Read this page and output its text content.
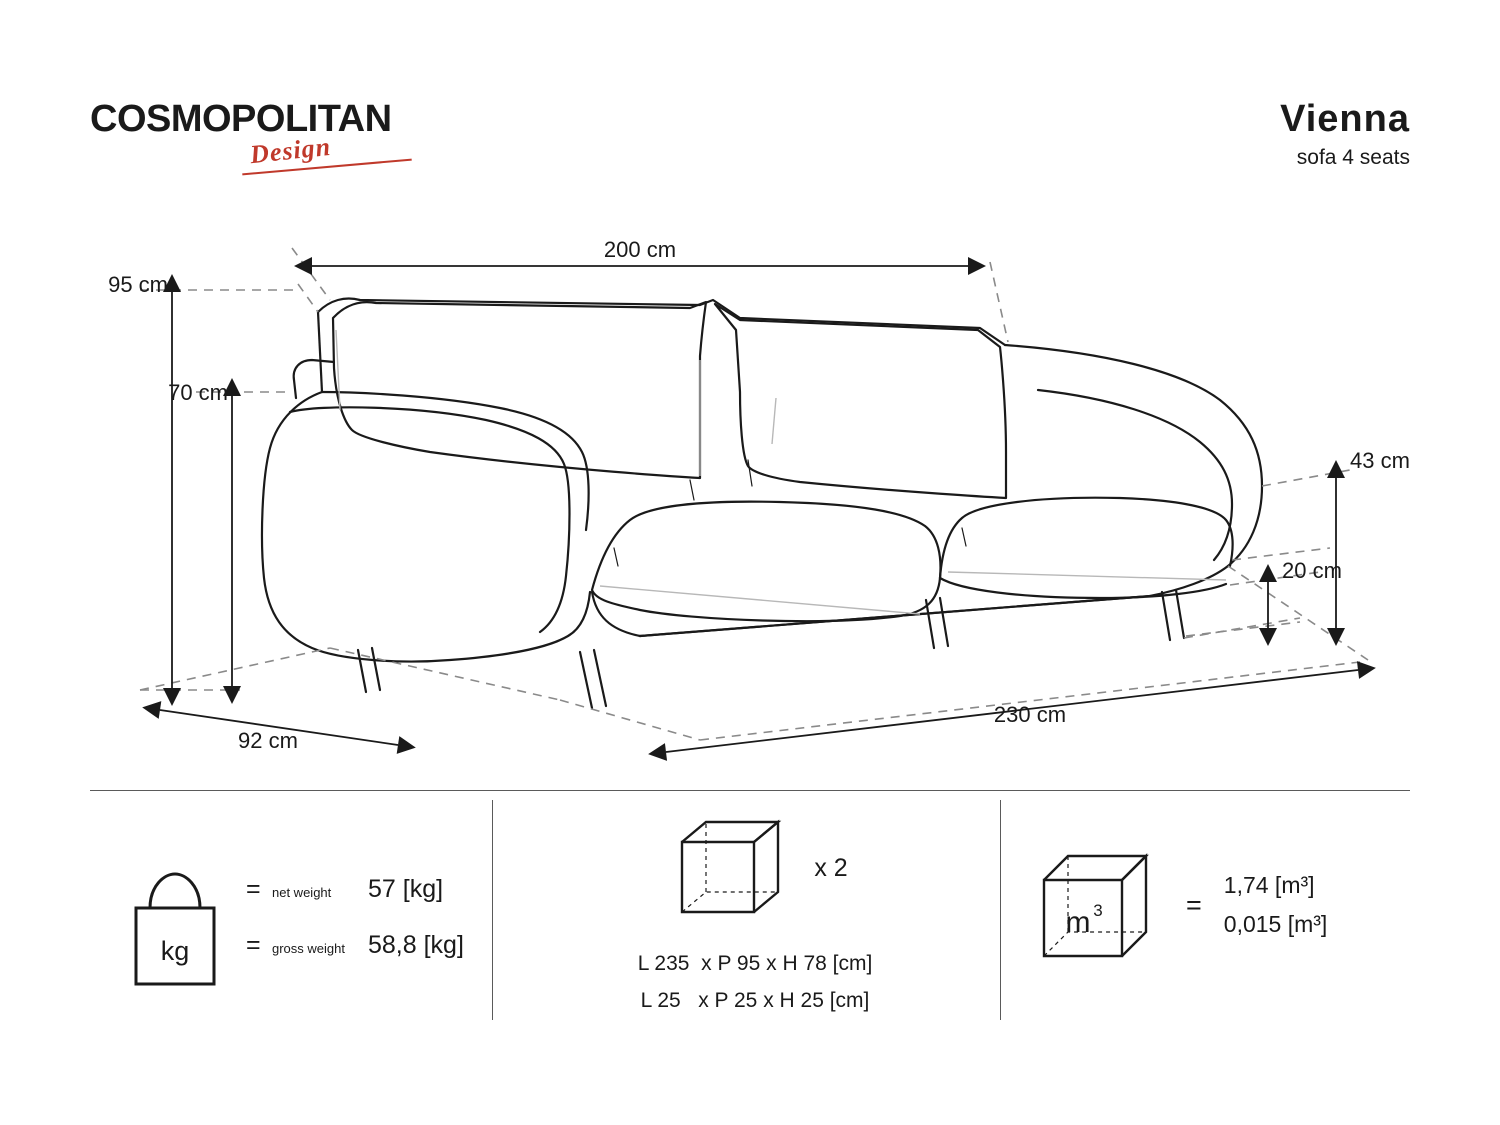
COSMOPOLITAN
Design
Vienna
sofa 4 seats
200 cm
95 cm
70 cm
43 cm
20 cm
92 cm
230 cm
kg
= net weight	57 [kg]
= gross weight 58,8 [kg]
x 2
L 235  x P 95 x H 78 [cm]
L 25   x P 25 x H 25 [cm]
m 3	=
1,74 [m³]
0,015 [m³]
